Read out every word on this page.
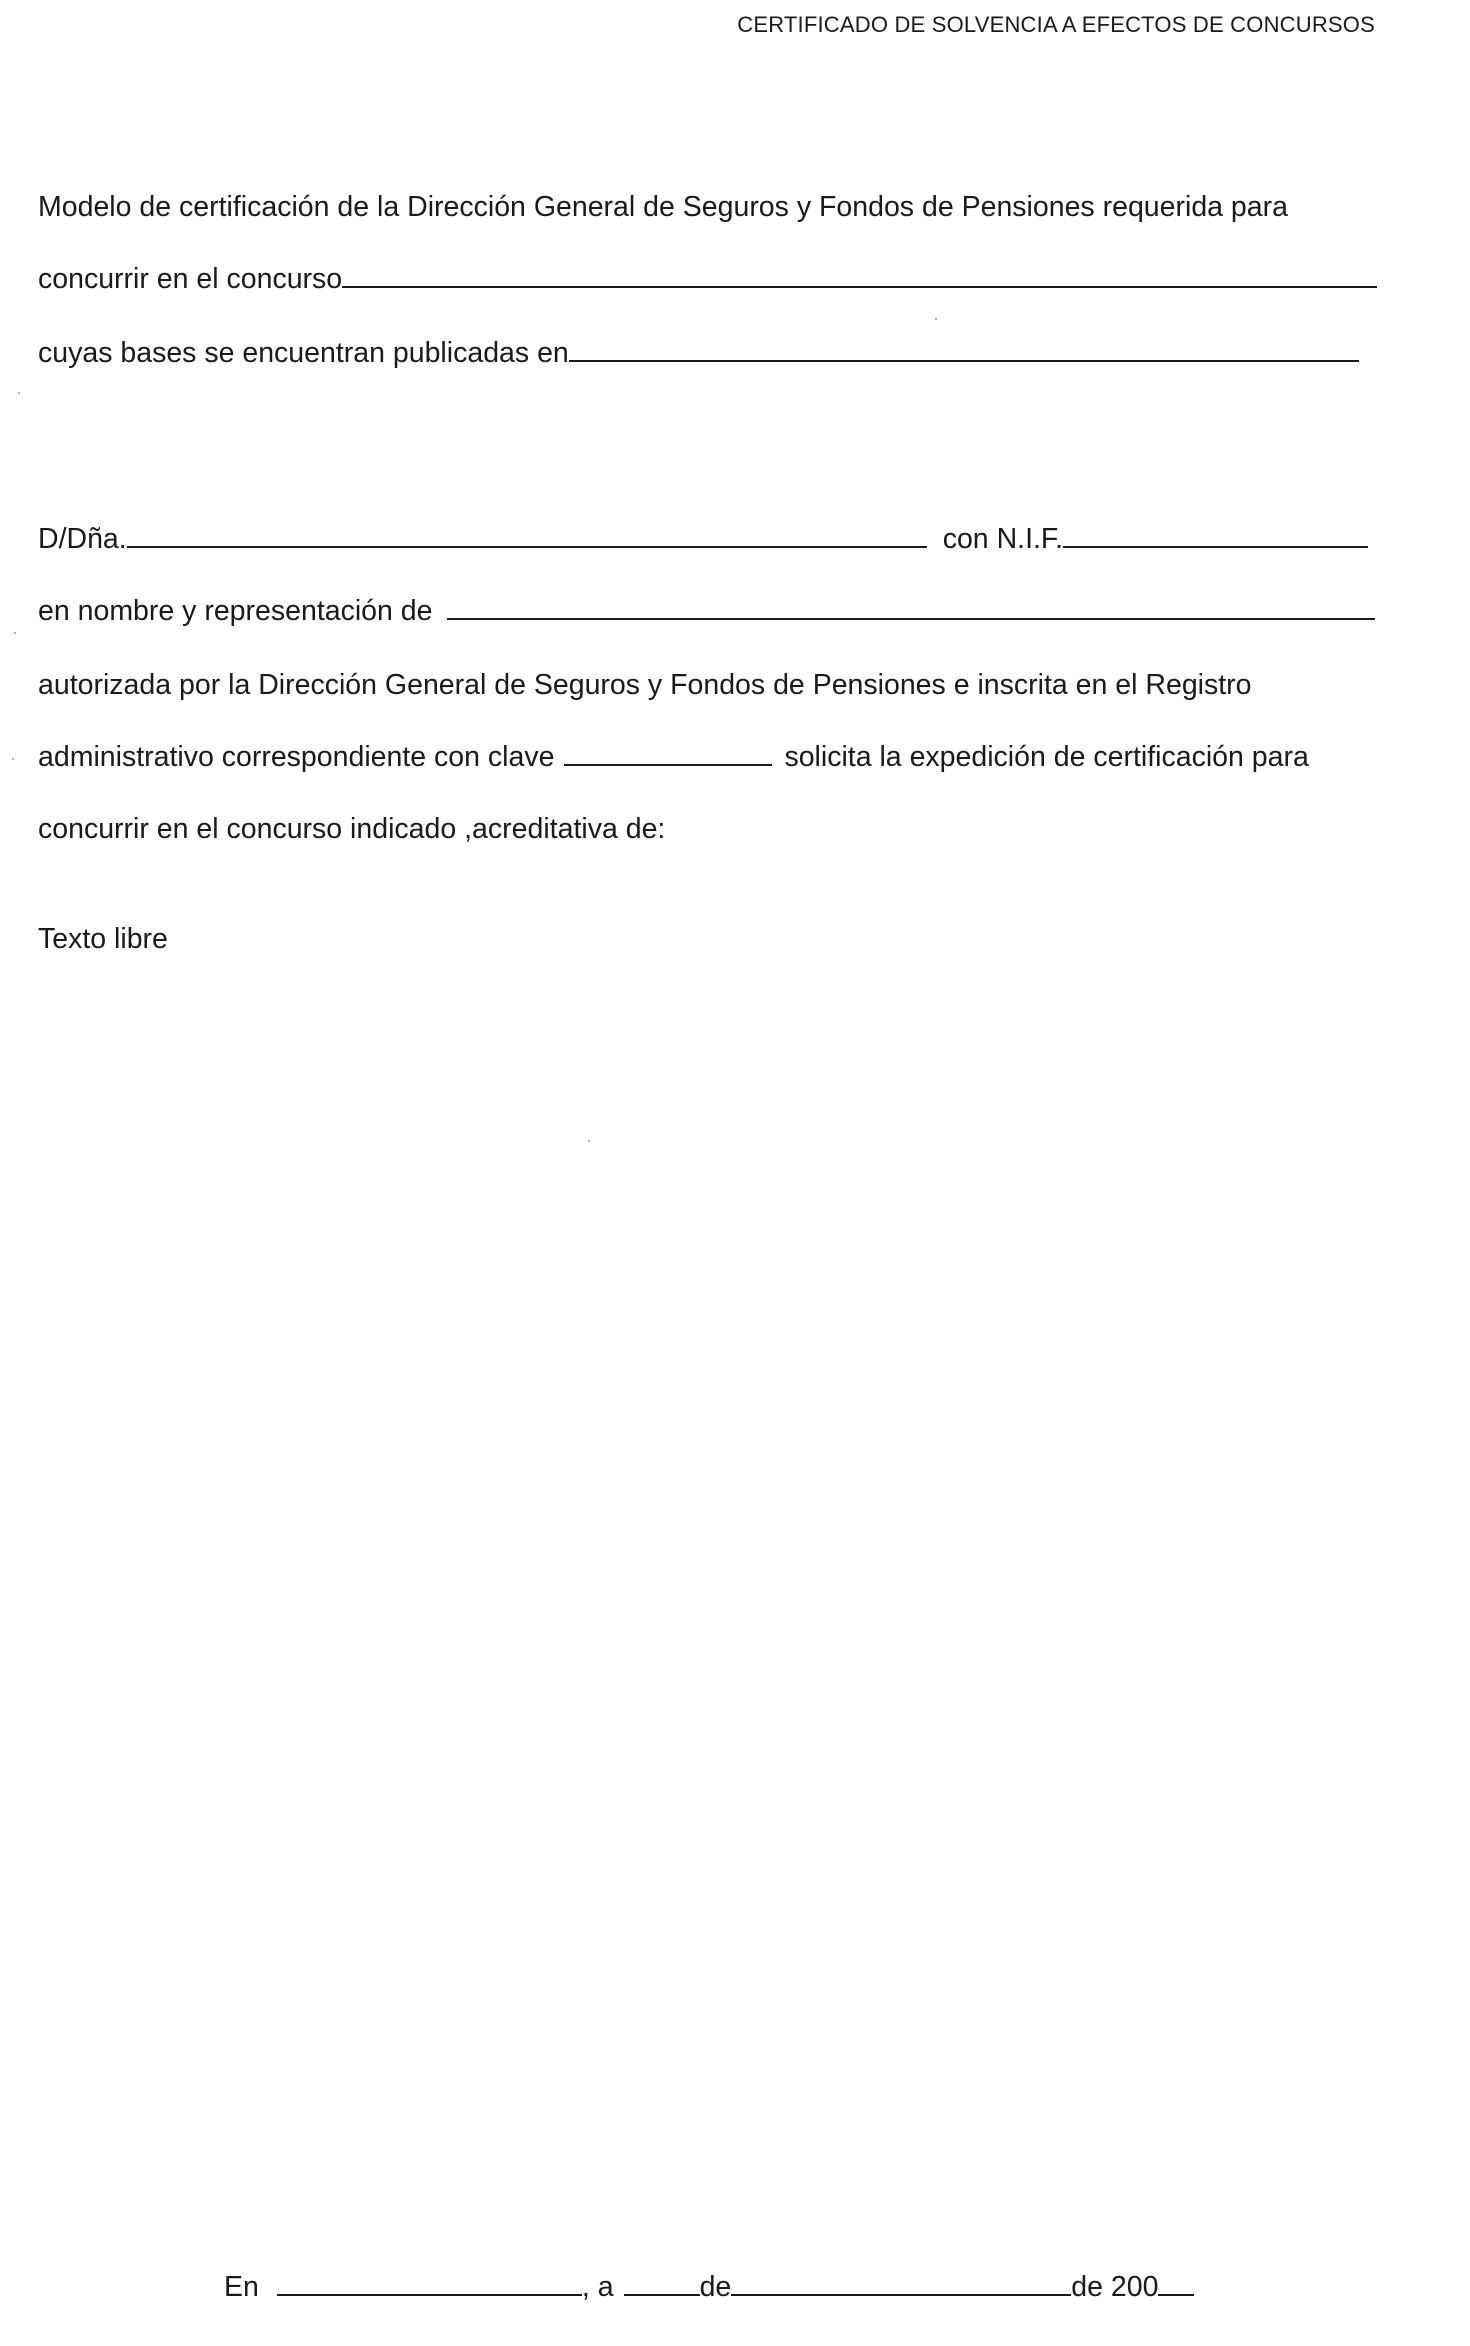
CERTIFICADO DE SOLVENCIA A EFECTOS DE CONCURSOS
Modelo de certificación de la Dirección General de Seguros y Fondos de Pensiones requerida para
concurrir en el concurso
cuyas bases se encuentran publicadas en
D/Dña.	con N.I.F.
en nombre y representación de
autorizada por la Dirección General de Seguros y Fondos de Pensiones e inscrita en el Registro
administrativo correspondiente con clave	solicita la expedición de certificación para
concurrir en el concurso indicado ,acreditativa de:
Texto libre
En	, a	de	de 200
